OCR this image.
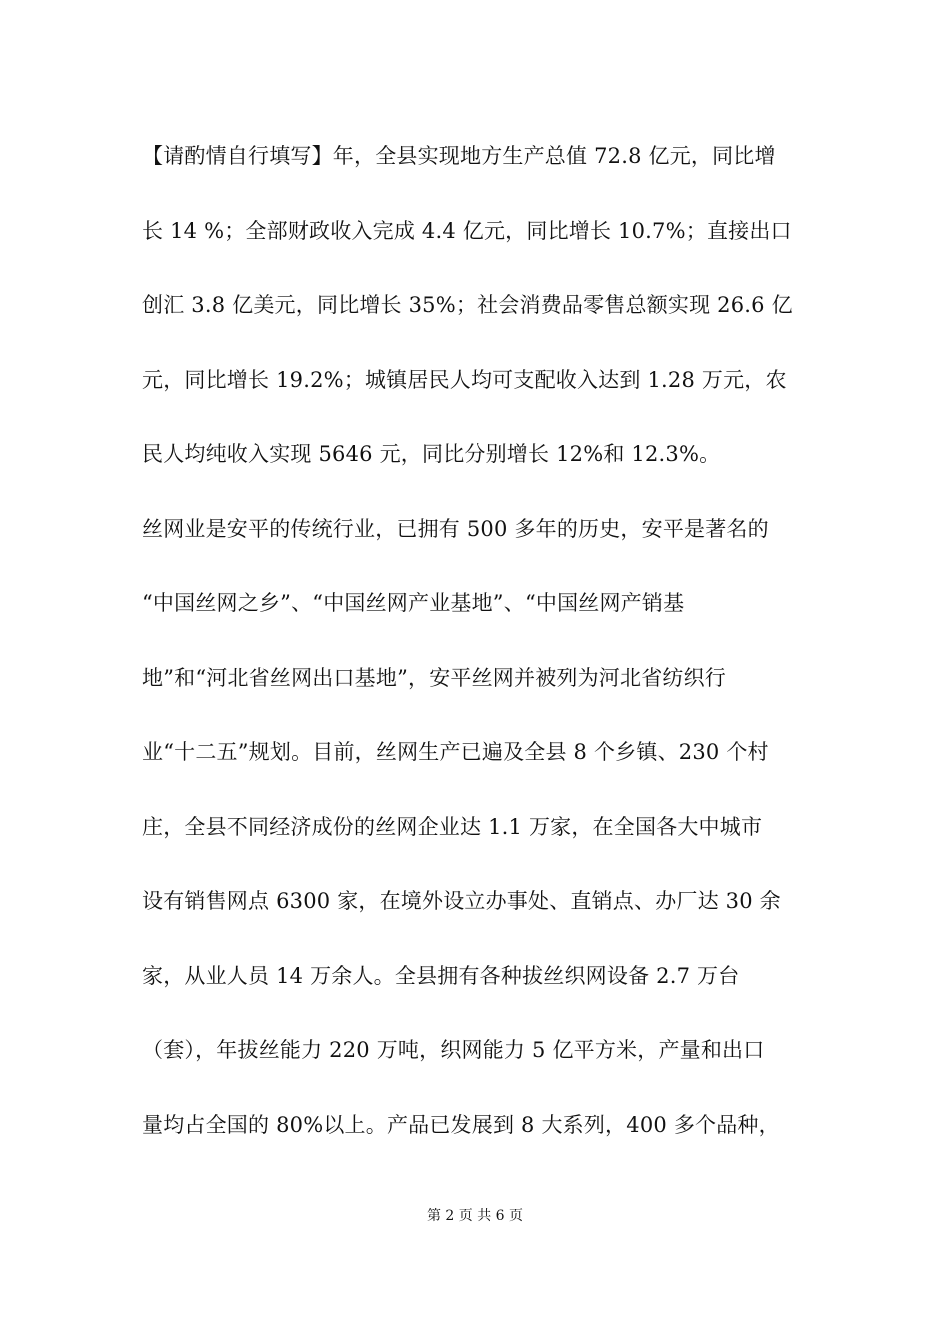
【请酌情自行填写】年，全县实现地方生产总值 72.8 亿元，同比增
长 14 %；全部财政收入完成 4.4 亿元，同比增长 10.7%；直接出口
创汇 3.8 亿美元，同比增长 35%；社会消费品零售总额实现 26.6 亿
元，同比增长 19.2%；城镇居民人均可支配收入达到 1.28 万元，农
民人均纯收入实现 5646 元，同比分别增长 12%和 12.3%。
丝网业是安平的传统行业，已拥有 500 多年的历史，安平是著名的
“中国丝网之乡”、“中国丝网产业基地”、“中国丝网产销基
地”和“河北省丝网出口基地”，安平丝网并被列为河北省纺织行
业“十二五”规划。目前，丝网生产已遍及全县 8 个乡镇、230 个村
庄，全县不同经济成份的丝网企业达 1.1 万家，在全国各大中城市
设有销售网点 6300 家，在境外设立办事处、直销点、办厂达 30 余
家，从业人员 14 万余人。全县拥有各种拔丝织网设备 2.7 万台
（套），年拔丝能力 220 万吨，织网能力 5 亿平方米，产量和出口
量均占全国的 80%以上。产品已发展到 8 大系列，400 多个品种，
第 2 页 共 6 页
